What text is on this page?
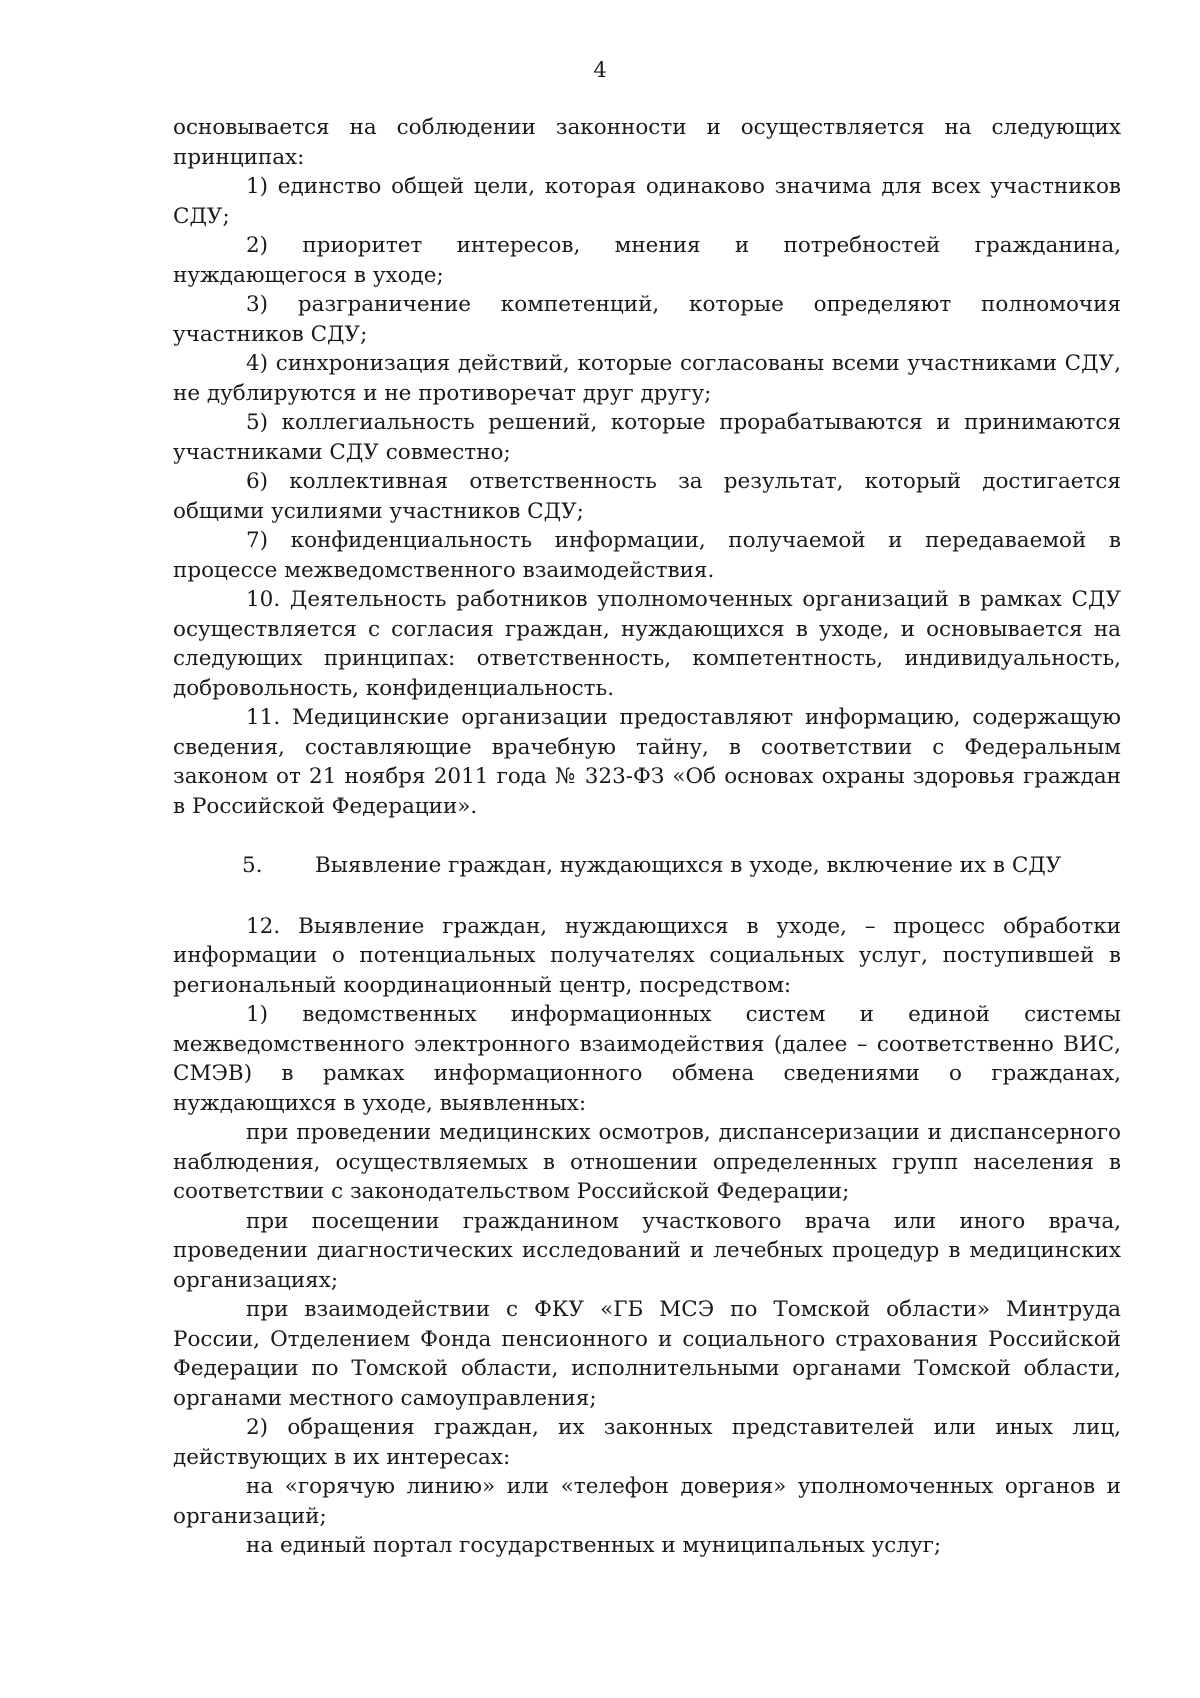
4

основывается на соблюдении законности и осуществляется на следующих принципах:

1) единство общей цели, которая одинаково значима для всех участников СДУ;

2) приоритет интересов, мнения и потребностей гражданина, нуждающегося в уходе;

3) разграничение компетенций, которые определяют полномочия участников СДУ;

4) синхронизация действий, которые согласованы всеми участниками СДУ, не дублируются и не противоречат друг другу;

5) коллегиальность решений, которые прорабатываются и принимаются участниками СДУ совместно;

6) коллективная ответственность за результат, который достигается общими усилиями участников СДУ;

7) конфиденциальность информации, получаемой и передаваемой в процессе межведомственного взаимодействия.

10. Деятельность работников уполномоченных организаций в рамках СДУ осуществляется с согласия граждан, нуждающихся в уходе, и основывается на следующих принципах: ответственность, компетентность, индивидуальность, добровольность, конфиденциальность.

11. Медицинские организации предоставляют информацию, содержащую сведения, составляющие врачебную тайну, в соответствии с Федеральным законом от 21 ноября 2011 года № 323-ФЗ «Об основах охраны здоровья граждан в Российской Федерации».

5.	Выявление граждан, нуждающихся в уходе, включение их в СДУ

12. Выявление граждан, нуждающихся в уходе, – процесс обработки информации о потенциальных получателях социальных услуг, поступившей в региональный координационный центр, посредством:

1) ведомственных информационных систем и единой системы межведомственного электронного взаимодействия (далее – соответственно ВИС, СМЭВ) в рамках информационного обмена сведениями о гражданах, нуждающихся в уходе, выявленных:

при проведении медицинских осмотров, диспансеризации и диспансерного наблюдения, осуществляемых в отношении определенных групп населения в соответствии с законодательством Российской Федерации;

при посещении гражданином участкового врача или иного врача, проведении диагностических исследований и лечебных процедур в медицинских организациях;

при взаимодействии с ФКУ «ГБ МСЭ по Томской области» Минтруда России, Отделением Фонда пенсионного и социального страхования Российской Федерации по Томской области, исполнительными органами Томской области, органами местного самоуправления;

2) обращения граждан, их законных представителей или иных лиц, действующих в их интересах:

на «горячую линию» или «телефон доверия» уполномоченных органов и организаций;

на единый портал государственных и муниципальных услуг;
